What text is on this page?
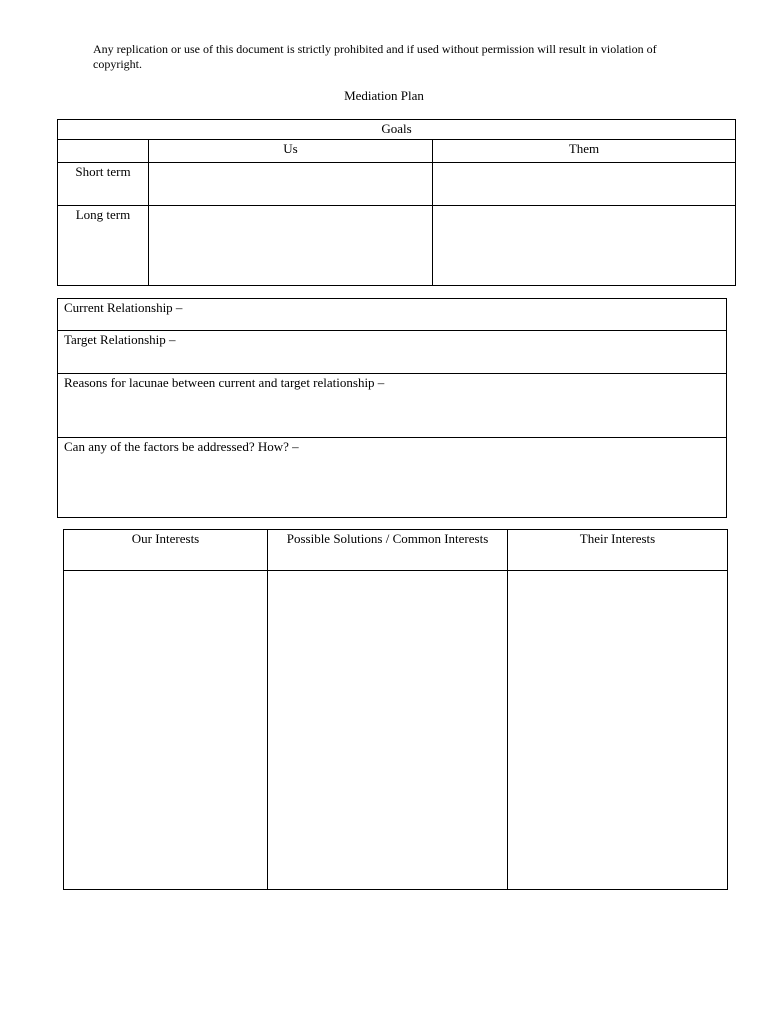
Any replication or use of this document is strictly prohibited and if used without permission will result in violation of copyright.
Mediation Plan
Goals		
	Us	Them
Short term		
Long term		
Current Relationship –
Target Relationship –
Reasons for lacunae between current and target relationship –
Can any of the factors be addressed? How? –
Our Interests	Possible Solutions / Common Interests	Their Interests
